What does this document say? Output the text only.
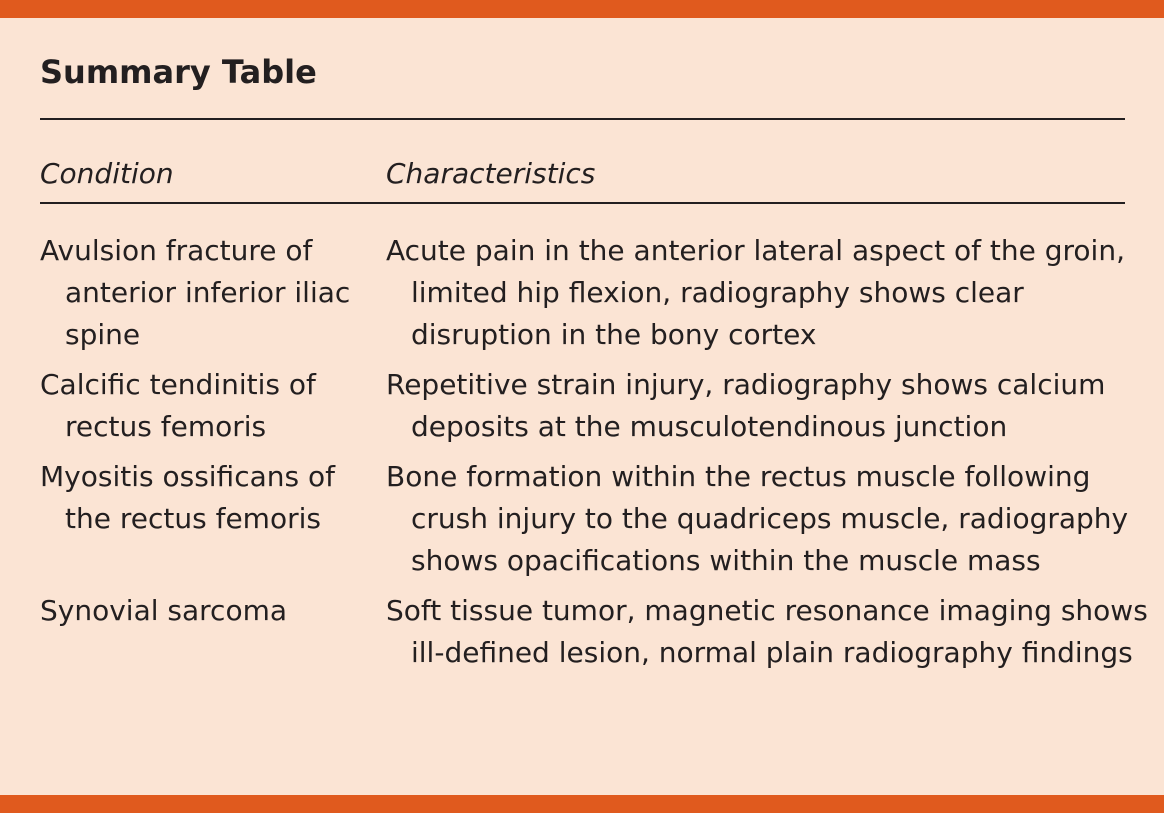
Summary Table
Condition	Characteristics
Avulsion fracture of anterior inferior iliac spine
Acute pain in the anterior lateral aspect of the groin, limited hip flexion, radiography shows clear disruption in the bony cortex
Calcific tendinitis of rectus femoris
Repetitive strain injury, radiography shows calcium deposits at the musculotendinous junction
Myositis ossificans of the rectus femoris
Bone formation within the rectus muscle following crush injury to the quadriceps muscle, radiography shows opacifications within the muscle mass
Synovial sarcoma	Soft tissue tumor, magnetic resonance imaging shows ill-defined lesion, normal plain radiography findings
